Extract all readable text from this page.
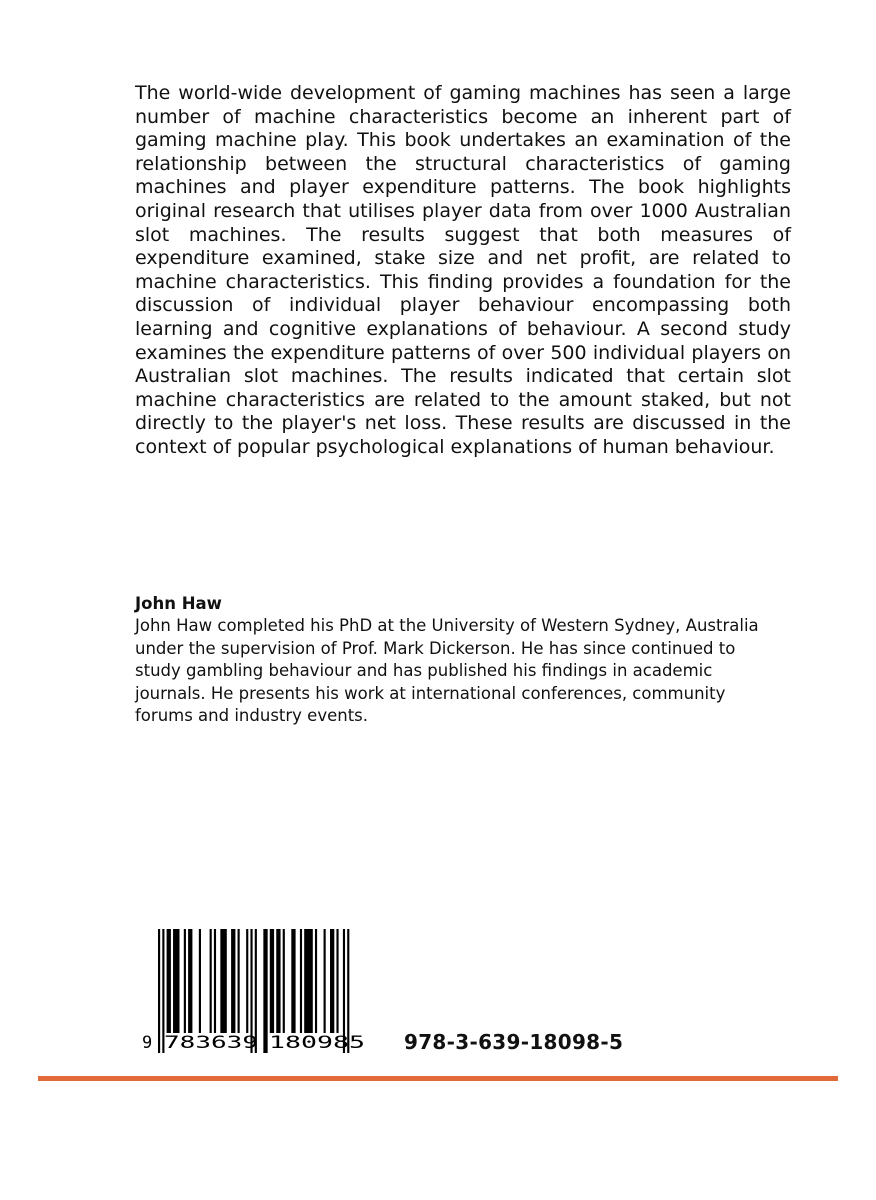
The world-wide development of gaming machines has seen a large number of machine characteristics become an inherent part of gaming machine play. This book undertakes an examination of the relationship between the structural characteristics of gaming machines and player expenditure patterns. The book highlights original research that utilises player data from over 1000 Australian slot machines. The results suggest that both measures of expenditure examined, stake size and net profit, are related to machine characteristics. This finding provides a foundation for the discussion of individual player behaviour encompassing both learning and cognitive explanations of behaviour. A second study examines the expenditure patterns of over 500 individual players on Australian slot machines. The results indicated that certain slot machine characteristics are related to the amount staked, but not directly to the player's net loss. These results are discussed in the context of popular psychological explanations of human behaviour.

John Haw

John Haw completed his PhD at the University of Western Sydney, Australia under the supervision of Prof. Mark Dickerson. He has since continued to study gambling behaviour and has published his findings in academic journals. He presents his work at international conferences, community forums and industry events.

9 783639 180985 978-3-639-18098-5
